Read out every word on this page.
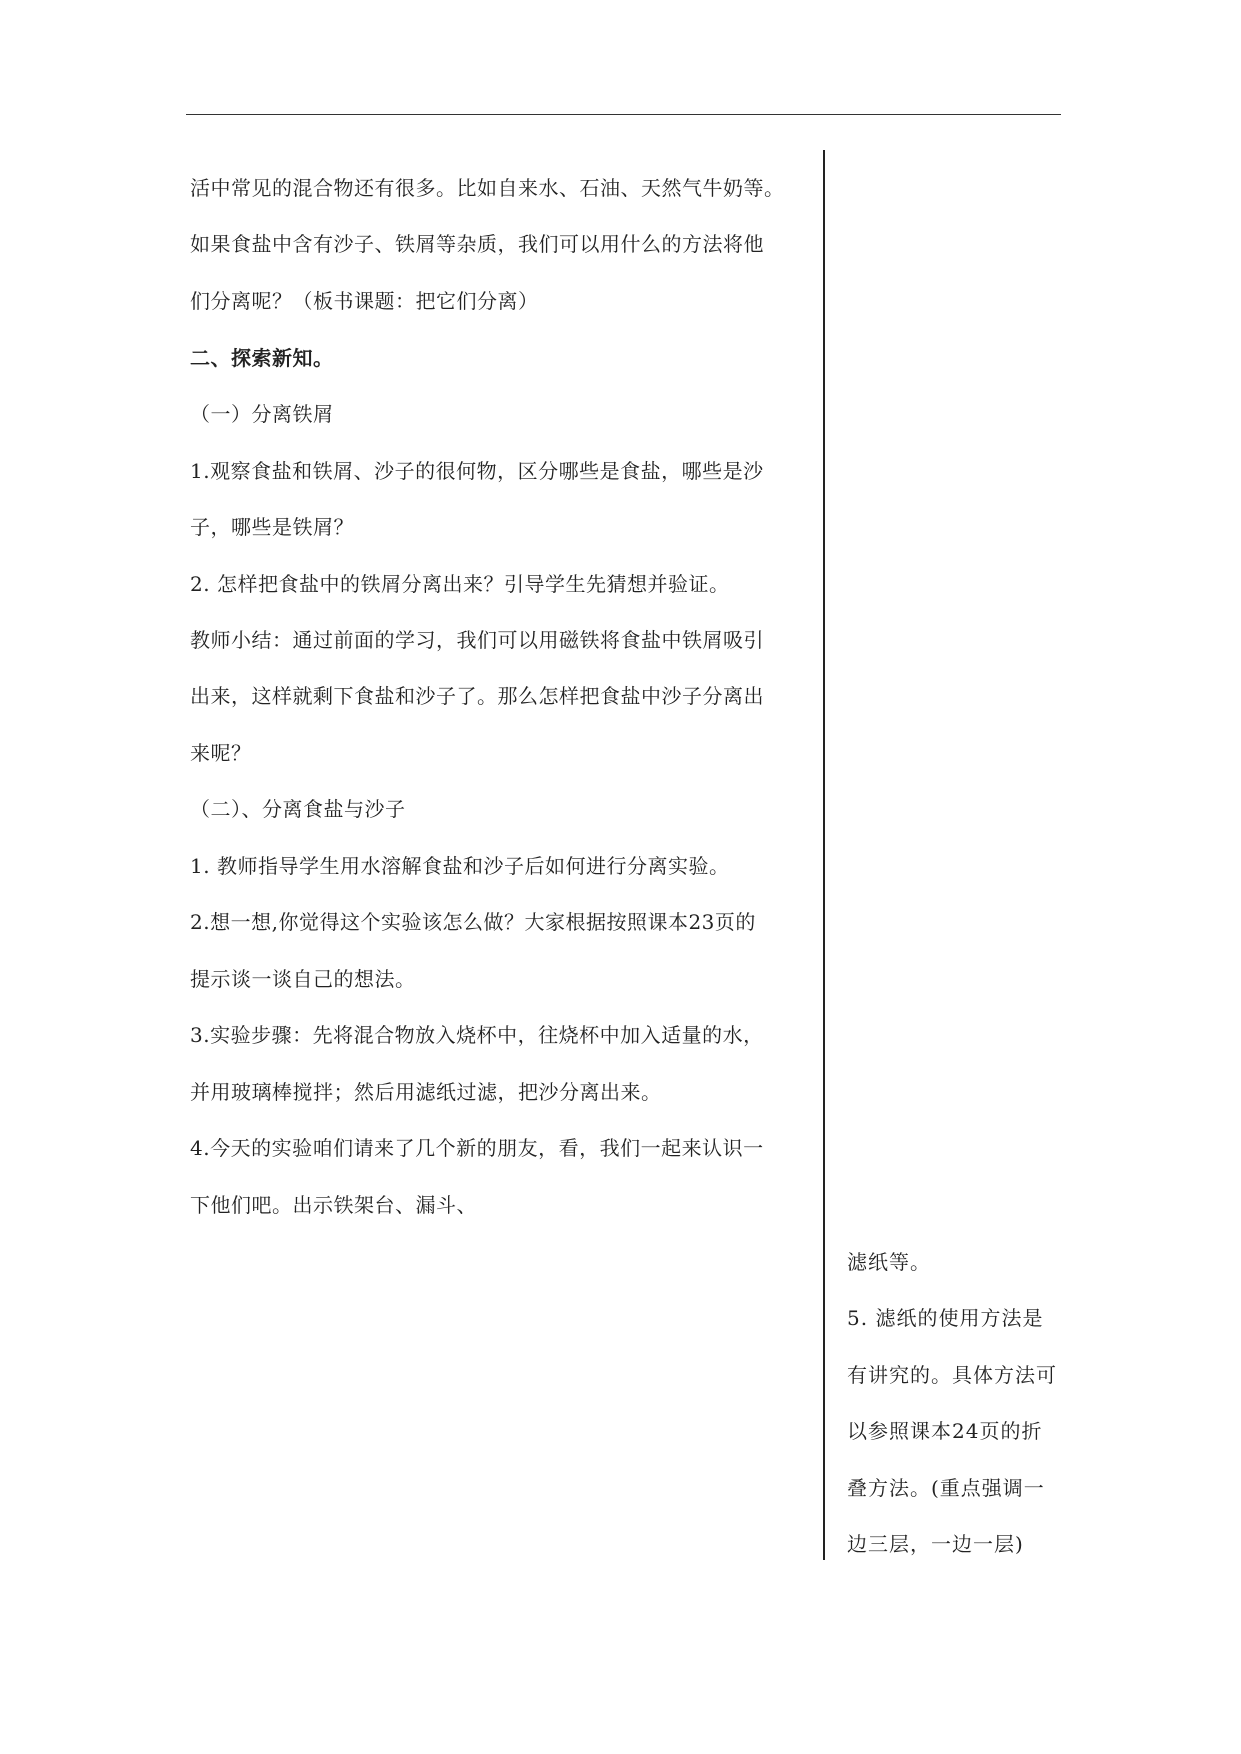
活中常见的混合物还有很多。比如自来水、石油、天然气牛奶等。
如果食盐中含有沙子、铁屑等杂质，我们可以用什么的方法将他
们分离呢？（板书课题：把它们分离）
二、探索新知。
（一）分离铁屑
1.观察食盐和铁屑、沙子的很何物，区分哪些是食盐，哪些是沙
子，哪些是铁屑？
2. 怎样把食盐中的铁屑分离出来？引导学生先猜想并验证。
教师小结：通过前面的学习，我们可以用磁铁将食盐中铁屑吸引
出来，这样就剩下食盐和沙子了。那么怎样把食盐中沙子分离出
来呢？
（二）、分离食盐与沙子
1. 教师指导学生用水溶解食盐和沙子后如何进行分离实验。
2.想一想,你觉得这个实验该怎么做？大家根据按照课本23页的
提示谈一谈自己的想法。
3.实验步骤：先将混合物放入烧杯中，往烧杯中加入适量的水，
并用玻璃棒搅拌；然后用滤纸过滤，把沙分离出来。
4.今天的实验咱们请来了几个新的朋友，看，我们一起来认识一
下他们吧。出示铁架台、漏斗、
滤纸等。
5. 滤纸的使用方法是
有讲究的。具体方法可
以参照课本24页的折
叠方法。(重点强调一
边三层，一边一层)
